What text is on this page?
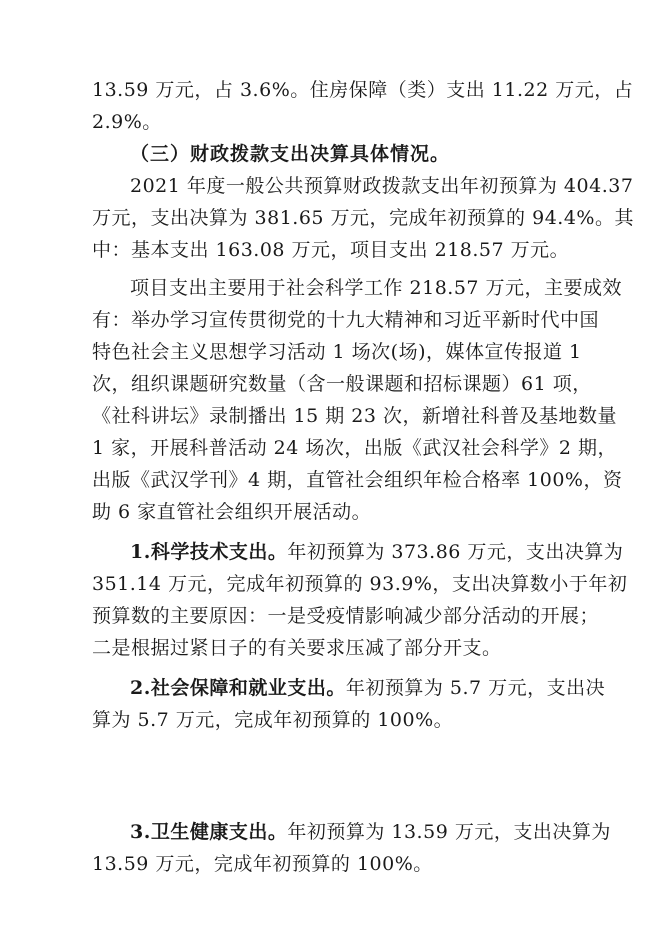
13.59 万元，占 3.6%。住房保障（类）支出 11.22 万元，占
2.9%。
（三）财政拨款支出决算具体情况。
2021 年度一般公共预算财政拨款支出年初预算为 404.37
万元，支出决算为 381.65 万元，完成年初预算的 94.4%。其
中：基本支出 163.08 万元，项目支出 218.57 万元。
项目支出主要用于社会科学工作 218.57 万元，主要成效
有：举办学习宣传贯彻党的十九大精神和习近平新时代中国
特色社会主义思想学习活动 1 场次(场)，媒体宣传报道 1
次，组织课题研究数量（含一般课题和招标课题）61 项，
《社科讲坛》录制播出 15 期 23 次，新增社科普及基地数量
1 家，开展科普活动 24 场次，出版《武汉社会科学》2 期，
出版《武汉学刊》4 期，直管社会组织年检合格率 100%，资
助 6 家直管社会组织开展活动。
1.科学技术支出。年初预算为 373.86 万元，支出决算为
351.14 万元，完成年初预算的 93.9%，支出决算数小于年初
预算数的主要原因：一是受疫情影响减少部分活动的开展；
二是根据过紧日子的有关要求压减了部分开支。
2.社会保障和就业支出。年初预算为 5.7 万元，支出决
算为 5.7 万元，完成年初预算的 100%。
3.卫生健康支出。年初预算为 13.59 万元，支出决算为
13.59 万元，完成年初预算的 100%。
